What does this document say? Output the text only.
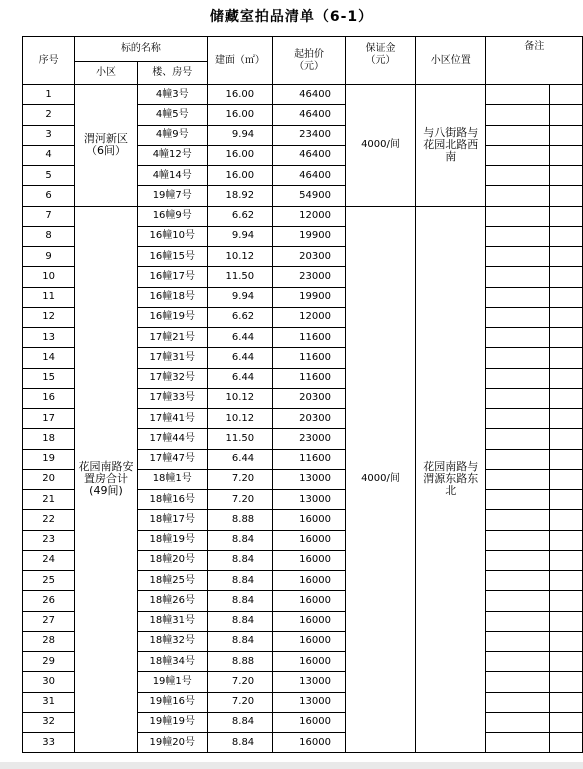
储藏室拍品清单（6-1）
序号	标的名称		建面（㎡）	起拍价（元）	保证金（元）	小区位置	备注	
	小区	楼、房号						
1	渭河新区（6间）	4幢3号	16.00	46400	4000/间	与八街路与花园北路西南		
2		4幢5号	16.00	46400				
3		4幢9号	9.94	23400				
4		4幢12号	16.00	46400				
5		4幢14号	16.00	46400				
6		19幢7号	18.92	54900				
7	花园南路安置房合计(49间)	16幢9号	6.62	12000	4000/间	花园南路与渭源东路东北		
8		16幢10号	9.94	19900				
9		16幢15号	10.12	20300				
10		16幢17号	11.50	23000				
11		16幢18号	9.94	19900				
12		16幢19号	6.62	12000				
13		17幢21号	6.44	11600				
14		17幢31号	6.44	11600				
15		17幢32号	6.44	11600				
16		17幢33号	10.12	20300				
17		17幢41号	10.12	20300				
18		17幢44号	11.50	23000				
19		17幢47号	6.44	11600				
20		18幢1号	7.20	13000				
21		18幢16号	7.20	13000				
22		18幢17号	8.88	16000				
23		18幢19号	8.84	16000				
24		18幢20号	8.84	16000				
25		18幢25号	8.84	16000				
26		18幢26号	8.84	16000				
27		18幢31号	8.84	16000				
28		18幢32号	8.84	16000				
29		18幢34号	8.88	16000				
30		19幢1号	7.20	13000				
31		19幢16号	7.20	13000				
32		19幢19号	8.84	16000				
33		19幢20号	8.84	16000				
